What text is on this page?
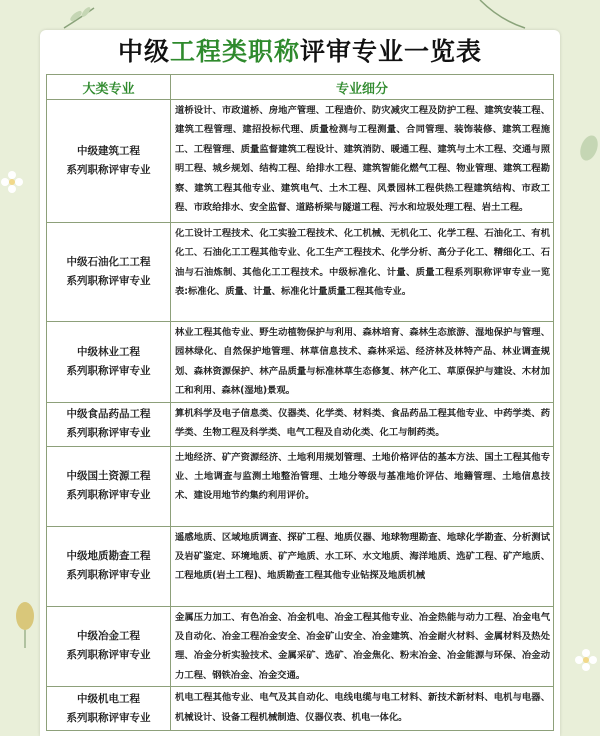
中级工程类职称评审专业一览表
大类专业	专业细分
中级建筑工程
系列职称评审专业	道桥设计、市政道桥、房地产管理、工程造价、防灾减灾工程及防护工程、建筑安装工程、建筑工程管理、建招投标代理、质量检测与工程测量、合同管理、装饰装修、建筑工程施工、工程管理、质量监督建筑工程设计、建筑消防、暖通工程、建筑与土木工程、交通与照明工程、城乡规划、结构工程、给排水工程、建筑智能化燃气工程、物业管理、建筑工程勘察、建筑工程其他专业、建筑电气、土木工程、风景园林工程供热工程建筑结构、市政工程、市政给排水、安全监督、道路桥梁与隧道工程、污水和垃圾处理工程、岩土工程。
中级石油化工工程
系列职称评审专业	化工设计工程技术、化工实验工程技术、化工机械、无机化工、化学工程、石油化工、有机化工、石油化工工程其他专业、化工生产工程技术、化学分析、高分子化工、精细化工、石油与石油炼制、其他化工工程技术。中级标准化、计量、质量工程系列职称评审专业一览表:标准化、质量、计量、标准化计量质量工程其他专业。
中级林业工程
系列职称评审专业	林业工程其他专业、野生动植物保护与利用、森林培育、森林生态旅游、湿地保护与管理、园林绿化、自然保护地管理、林草信息技术、森林采运、经济林及林特产品、林业调查规划、森林资源保护、林产品质量与标准林草生态修复、林产化工、草原保护与建设、木材加工和利用、森林(湿地)景观。
中级食品药品工程
系列职称评审专业	算机科学及电子信息类、仪器类、化学类、材料类、食品药品工程其他专业、中药学类、药学类、生物工程及科学类、电气工程及自动化类、化工与制药类。
中级国土资源工程
系列职称评审专业	土地经济、矿产资源经济、土地利用规划管理、土地价格评估的基本方法、国土工程其他专业、土地调查与监测土地整治管理、土地分等级与基准地价评估、地籍管理、土地信息技术、建设用地节约集约利用评价。
中级地质勘查工程
系列职称评审专业	遥感地质、区域地质调查、探矿工程、地质仪器、地球物理勘查、地球化学勘查、分析测试及岩矿鉴定、环境地质、矿产地质、水工环、水文地质、海洋地质、选矿工程、矿产地质、工程地质(岩土工程)、地质勘查工程其他专业钻探及地质机械
中级冶金工程
系列职称评审专业	金属压力加工、有色冶金、冶金机电、冶金工程其他专业、冶金热能与动力工程、冶金电气及自动化、冶金工程冶金安全、冶金矿山安全、冶金建筑、冶金耐火材料、金属材料及热处理、冶金分析实验技术、金属采矿、选矿、冶金焦化、粉末冶金、冶金能源与环保、冶金动力工程、钢铁冶金、冶金交通。
中级机电工程
系列职称评审专业	机电工程其他专业、电气及其自动化、电线电缆与电工材料、新技术新材料、电机与电器、机械设计、设备工程机械制造、仪器仪表、机电一体化。
